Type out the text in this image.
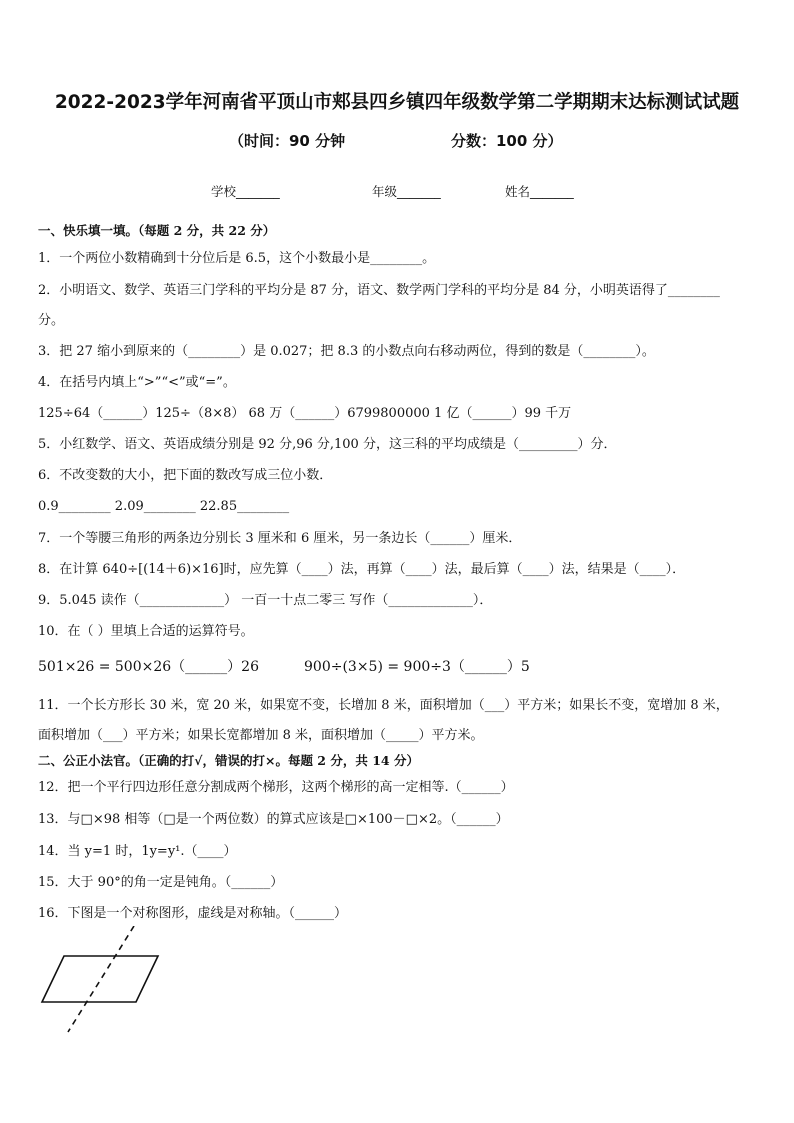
2022-2023学年河南省平顶山市郏县四乡镇四年级数学第二学期期末达标测试试题
（时间：90 分钟	分数：100 分）
学校_______	年级_______	姓名_______
一、快乐填一填。（每题 2 分，共 22 分）
1．一个两位小数精确到十分位后是 6.5，这个小数最小是________。
2．小明语文、数学、英语三门学科的平均分是 87 分，语文、数学两门学科的平均分是 84 分，小明英语得了________
分。
3．把 27 缩小到原来的（________）是 0.027；把 8.3 的小数点向右移动两位，得到的数是（________）。
4．在括号内填上“>”“<”或“=”。
125÷64（______）125÷（8×8） 68 万（______）6799800000 1 亿（______）99 千万
5．小红数学、语文、英语成绩分别是 92 分,96 分,100 分，这三科的平均成绩是（_________）分．
6．不改变数的大小，把下面的数改写成三位小数．
0.9________ 2.09________ 22.85________
7．一个等腰三角形的两条边分别长 3 厘米和 6 厘米，另一条边长（______）厘米．
8．在计算 640÷[(14＋6)×16]时，应先算（____）法，再算（____）法，最后算（____）法，结果是（____）．
9．5.045 读作（_____________） 一百一十点二零三 写作（_____________）．
10．在（ ）里填上合适的运算符号。
501×26 = 500×26（______）26	900÷(3×5) = 900÷3（______）5
11．一个长方形长 30 米，宽 20 米，如果宽不变，长增加 8 米，面积增加（___）平方米；如果长不变，宽增加 8 米，
面积增加（___）平方米；如果长宽都增加 8 米，面积增加（_____）平方米。
二、公正小法官。（正确的打√，错误的打×。每题 2 分，共 14 分）
12．把一个平行四边形任意分割成两个梯形，这两个梯形的高一定相等.（______）
13．与□×98 相等（□是一个两位数）的算式应该是□×100－□×2。（______）
14．当 y=1 时，1y=y¹.（____）
15．大于 90°的角一定是钝角。（______）
16．下图是一个对称图形，虚线是对称轴。（______）
